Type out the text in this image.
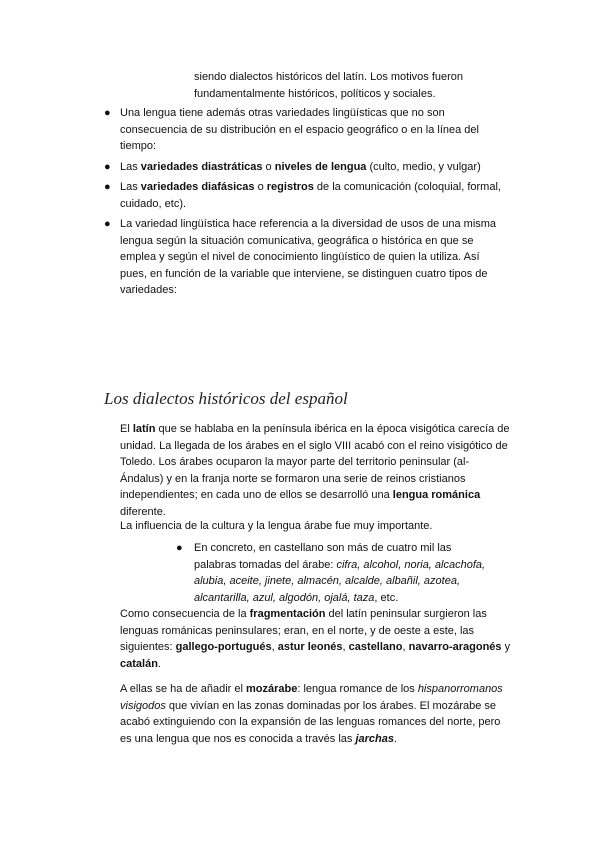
siendo dialectos históricos del latín. Los motivos fueron fundamentalmente históricos, políticos y sociales.
● Una lengua tiene además otras variedades lingüísticas que no son consecuencia de su distribución en el espacio geográfico o en la línea del tiempo:
● Las variedades diastráticas o niveles de lengua (culto, medio, y vulgar)
● Las variedades diafásicas o registros de la comunicación (coloquial, formal, cuidado, etc).
● La variedad lingüística hace referencia a la diversidad de usos de una misma lengua según la situación comunicativa, geográfica o histórica en que se emplea y según el nivel de conocimiento lingüístico de quien la utiliza. Así pues, en función de la variable que interviene, se distinguen cuatro tipos de variedades:
Los dialectos históricos del español
El latín que se hablaba en la península ibérica en la época visigótica carecía de unidad. La llegada de los árabes en el siglo VIII acabó con el reino visigótico de Toledo. Los árabes ocuparon la mayor parte del territorio peninsular (al-Ándalus) y en la franja norte se formaron una serie de reinos cristianos independientes; en cada uno de ellos se desarrolló una lengua románica diferente.
La influencia de la cultura y la lengua árabe fue muy importante.
●	En concreto, en castellano son más de cuatro mil las palabras tomadas del árabe: cifra, alcohol, noria, alcachofa, alubia, aceite, jinete, almacén, alcalde, albañil, azotea, alcantarilla, azul, algodón, ojalá, taza, etc.
Como consecuencia de la fragmentación del latín peninsular surgieron las lenguas románicas peninsulares; eran, en el norte, y de oeste a este, las siguientes: gallego-portugués, astur leonés, castellano, navarro-aragonés y catalán.
A ellas se ha de añadir el mozárabe: lengua romance de los hispanorromanos visigodos que vivían en las zonas dominadas por los árabes. El mozárabe se acabó extinguiendo con la expansión de las lenguas romances del norte, pero es una lengua que nos es conocida a través las jarchas.
